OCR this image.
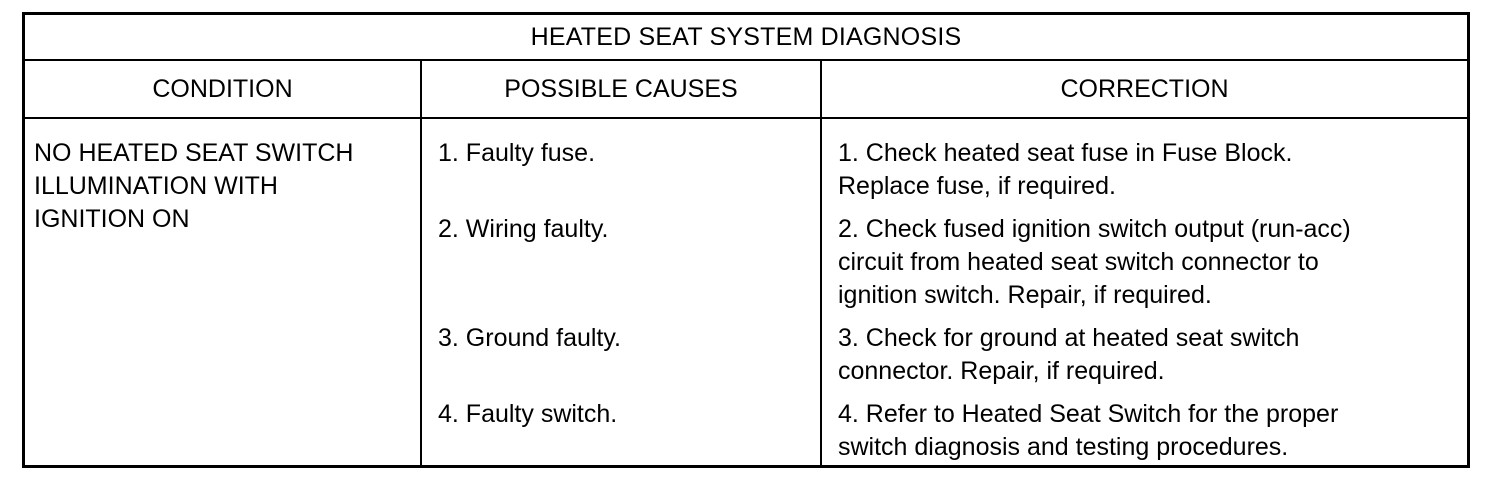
HEATED SEAT SYSTEM DIAGNOSIS
CONDITION	POSSIBLE CAUSES	CORRECTION
NO HEATED SEAT SWITCH
ILLUMINATION WITH
IGNITION ON
1. Faulty fuse.
2. Wiring faulty.
3. Ground faulty.
4. Faulty switch.
1. Check heated seat fuse in Fuse Block.
Replace fuse, if required.
2. Check fused ignition switch output (run-acc)
circuit from heated seat switch connector to
ignition switch. Repair, if required.
3. Check for ground at heated seat switch
connector. Repair, if required.
4. Refer to Heated Seat Switch for the proper
switch diagnosis and testing procedures.
